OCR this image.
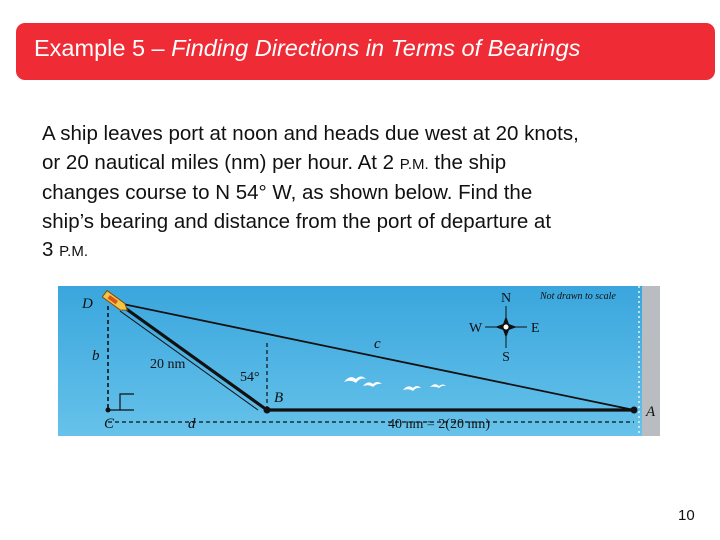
Example 5 – Finding Directions in Terms of Bearings
A ship leaves port at noon and heads due west at 20 knots,
or 20 nautical miles (nm) per hour. At 2 P.M. the ship
changes course to N 54° W, as shown below. Find the
ship’s bearing and distance from the port of departure at
3 P.M.
N
S
E
W
Not drawn to scale
D
C
B
A
b
c
d
20 nm
54°
40 nm = 2(20 nm)
10
